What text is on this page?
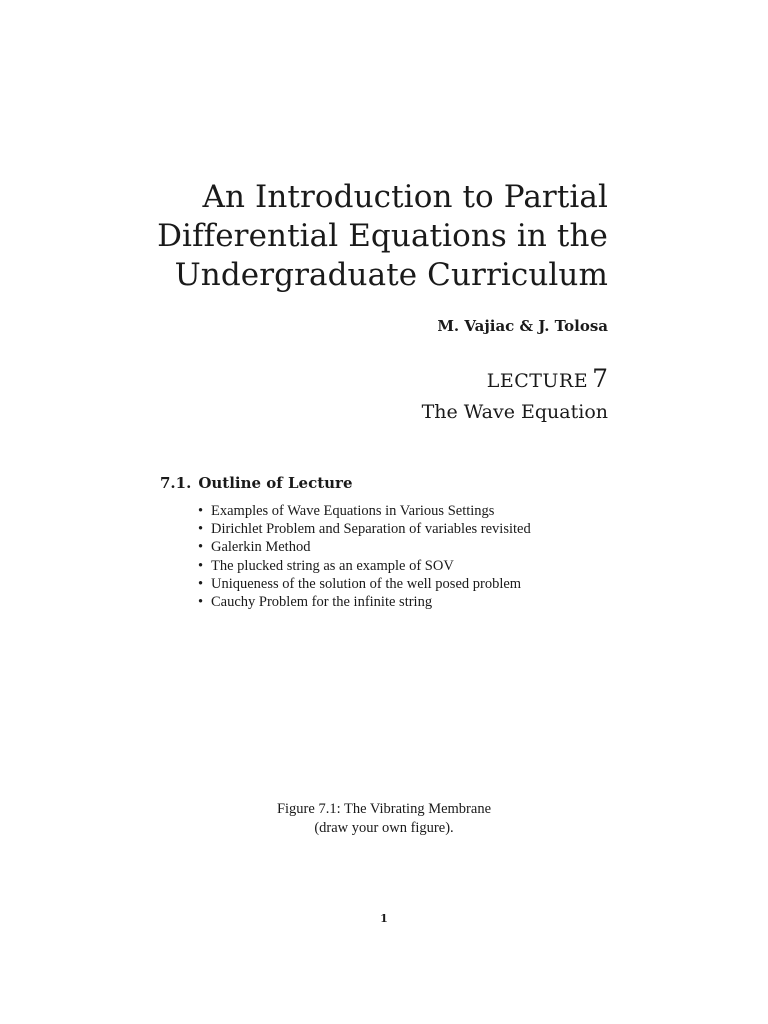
An Introduction to Partial
Differential Equations in the
Undergraduate Curriculum
M. Vajiac & J. Tolosa
LECTURE 7
The Wave Equation
7.1. Outline of Lecture
• Examples of Wave Equations in Various Settings
• Dirichlet Problem and Separation of variables revisited
• Galerkin Method
• The plucked string as an example of SOV
• Uniqueness of the solution of the well posed problem
• Cauchy Problem for the infinite string
Figure 7.1: The Vibrating Membrane
(draw your own figure).
1
